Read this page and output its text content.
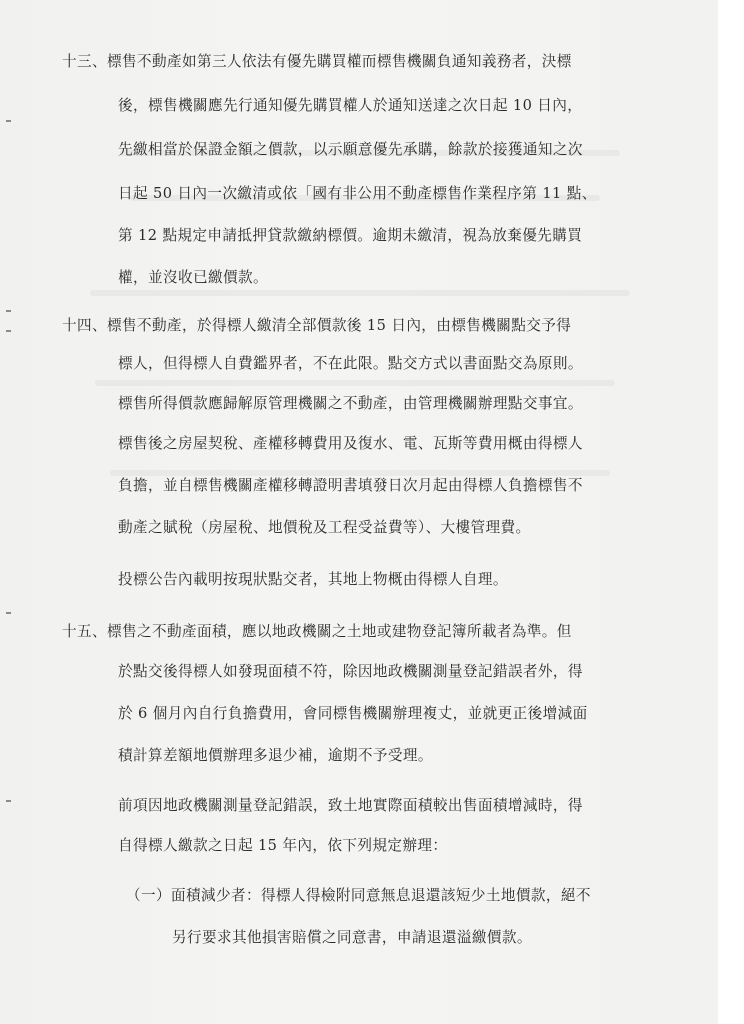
十三、標售不動產如第三人依法有優先購買權而標售機關負通知義務者，決標
後，標售機關應先行通知優先購買權人於通知送達之次日起 10 日內，
先繳相當於保證金額之價款，以示願意優先承購，餘款於接獲通知之次
日起 50 日內一次繳清或依「國有非公用不動產標售作業程序第 11 點、
第 12 點規定申請抵押貸款繳納標價。逾期未繳清，視為放棄優先購買
權，並沒收已繳價款。
十四、標售不動產，於得標人繳清全部價款後 15 日內，由標售機關點交予得
標人，但得標人自費鑑界者，不在此限。點交方式以書面點交為原則。
標售所得價款應歸解原管理機關之不動產，由管理機關辦理點交事宜。
標售後之房屋契稅、產權移轉費用及復水、電、瓦斯等費用概由得標人
負擔，並自標售機關產權移轉證明書填發日次月起由得標人負擔標售不
動產之賦稅（房屋稅、地價稅及工程受益費等）、大樓管理費。
投標公告內載明按現狀點交者，其地上物概由得標人自理。
十五、標售之不動產面積，應以地政機關之土地或建物登記簿所載者為準。但
於點交後得標人如發現面積不符，除因地政機關測量登記錯誤者外，得
於 6 個月內自行負擔費用，會同標售機關辦理複丈，並就更正後增減面
積計算差額地價辦理多退少補，逾期不予受理。
前項因地政機關測量登記錯誤，致土地實際面積較出售面積增減時，得
自得標人繳款之日起 15 年內，依下列規定辦理：
（一）面積減少者：得標人得檢附同意無息退還該短少土地價款，絕不
另行要求其他損害賠償之同意書，申請退還溢繳價款。
